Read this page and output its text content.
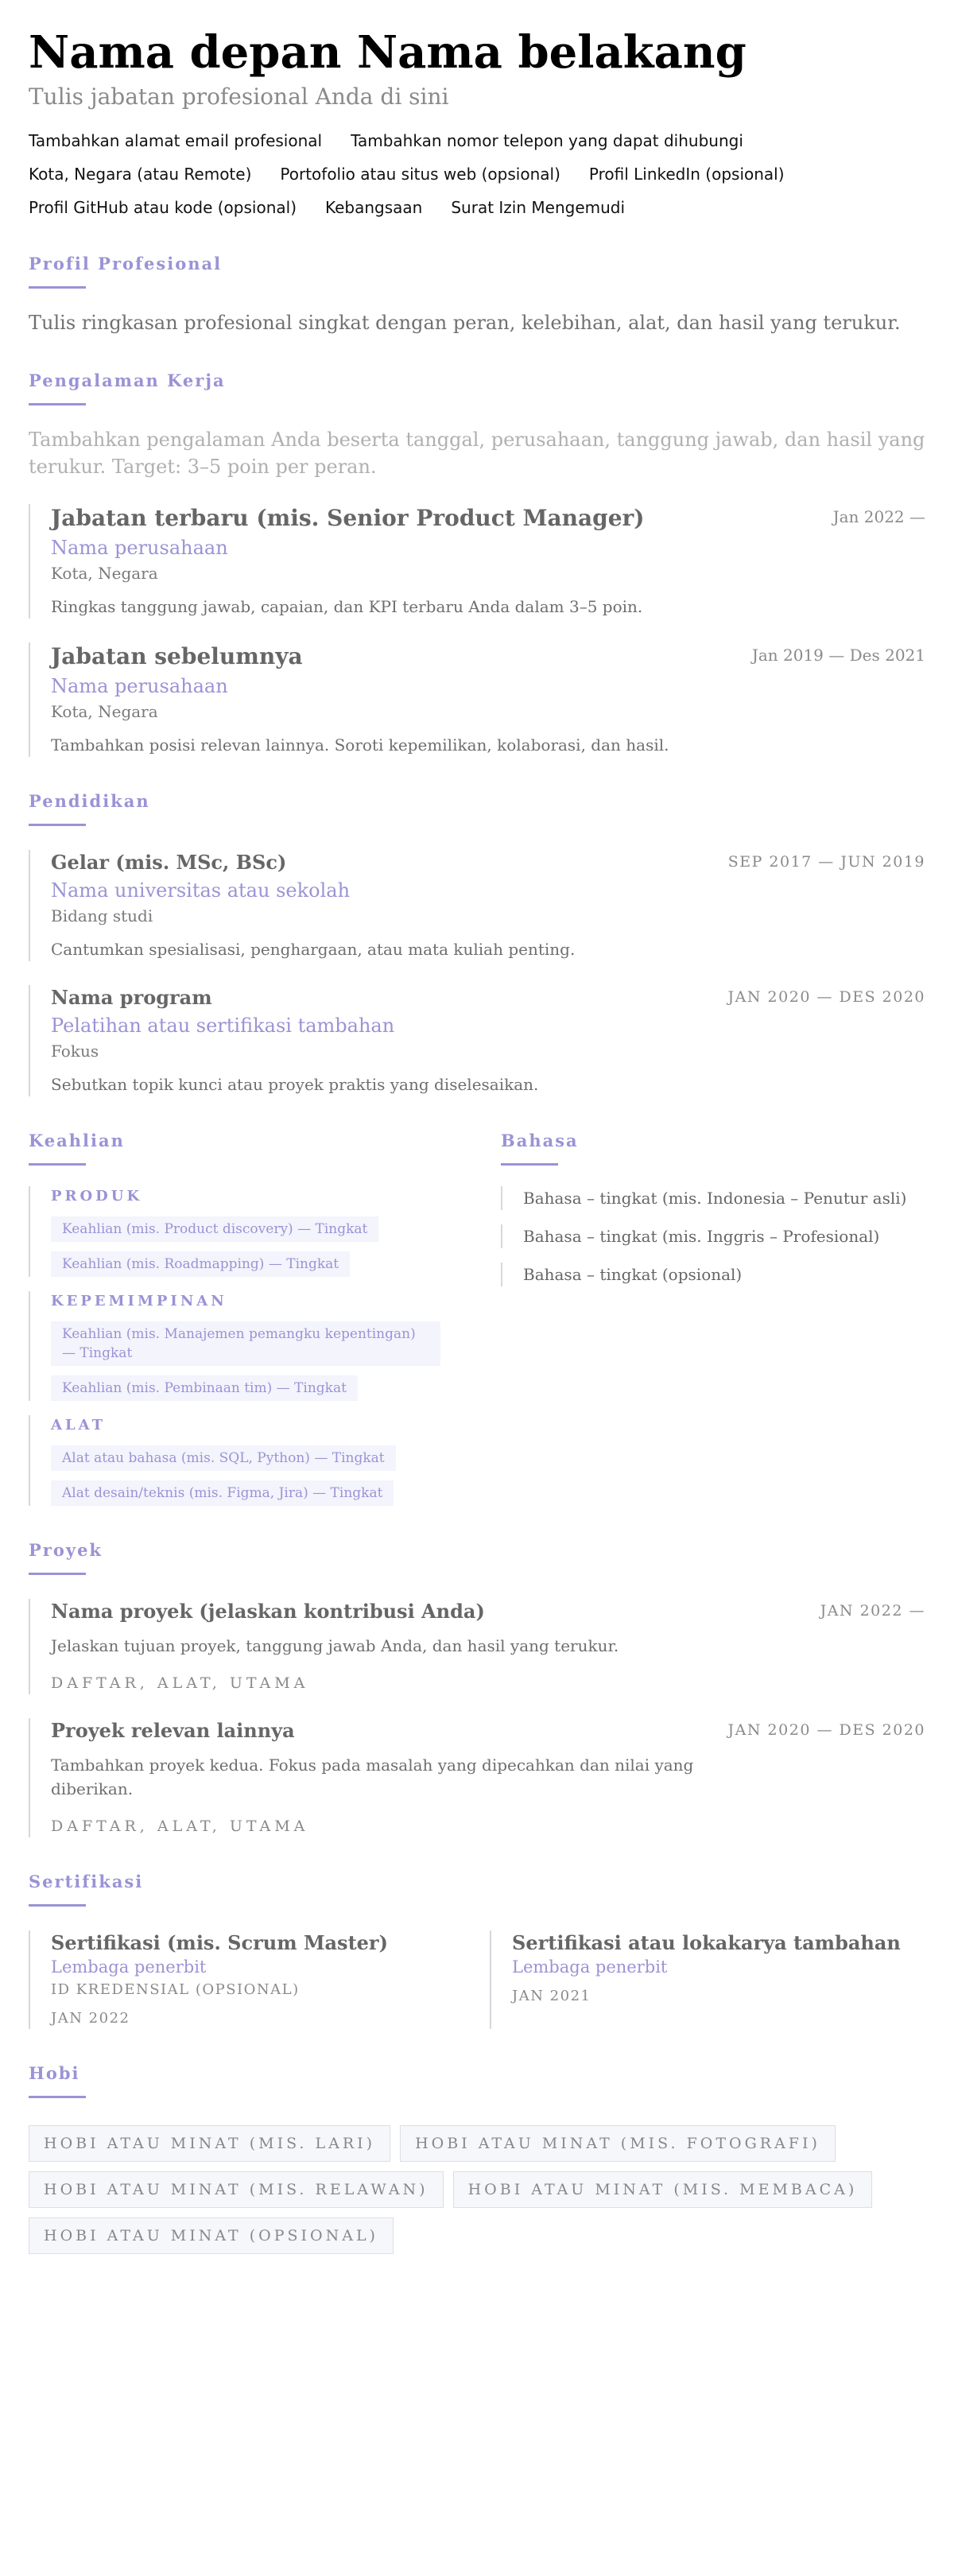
Nama depan Nama belakang
Tulis jabatan profesional Anda di sini
Tambahkan alamat email profesional Tambahkan nomor telepon yang dapat dihubungi
Kota, Negara (atau Remote) Portofolio atau situs web (opsional) Profil LinkedIn (opsional)
Profil GitHub atau kode (opsional) Kebangsaan Surat Izin Mengemudi
Profil Profesional

Tulis ringkasan profesional singkat dengan peran, kelebihan, alat, dan hasil yang terukur.

Pengalaman Kerja

Tambahkan pengalaman Anda beserta tanggal, perusahaan, tanggung jawab, dan hasil yang terukur. Target: 3–5 poin per peran.

Jabatan terbaru (mis. Senior Product Manager)	Jan 2022 —
Nama perusahaan
Kota, Negara
Ringkas tanggung jawab, capaian, dan KPI terbaru Anda dalam 3–5 poin.
Jabatan sebelumnya	Jan 2019 — Des 2021
Nama perusahaan
Kota, Negara
Tambahkan posisi relevan lainnya. Soroti kepemilikan, kolaborasi, dan hasil.
Pendidikan
Gelar (mis. MSc, BSc)	SEP 2017 — JUN 2019
Nama universitas atau sekolah
Bidang studi
Cantumkan spesialisasi, penghargaan, atau mata kuliah penting.
Nama program	JAN 2020 — DES 2020
Pelatihan atau sertifikasi tambahan
Fokus
Sebutkan topik kunci atau proyek praktis yang diselesaikan.
Keahlian
PRODUK
Keahlian (mis. Product discovery) — Tingkat
Keahlian (mis. Roadmapping) — Tingkat
KEPEMIMPINAN
Keahlian (mis. Manajemen pemangku kepentingan) — Tingkat
Keahlian (mis. Pembinaan tim) — Tingkat
ALAT
Alat atau bahasa (mis. SQL, Python) — Tingkat
Alat desain/teknis (mis. Figma, Jira) — Tingkat
Bahasa
Bahasa – tingkat (mis. Indonesia – Penutur asli)
Bahasa – tingkat (mis. Inggris – Profesional)
Bahasa – tingkat (opsional)
Proyek
Nama proyek (jelaskan kontribusi Anda)	JAN 2022 —
Jelaskan tujuan proyek, tanggung jawab Anda, dan hasil yang terukur.
DAFTAR, ALAT, UTAMA
Proyek relevan lainnya	JAN 2020 — DES 2020
Tambahkan proyek kedua. Fokus pada masalah yang dipecahkan dan nilai yang diberikan.
DAFTAR, ALAT, UTAMA
Sertifikasi
Sertifikasi (mis. Scrum Master)
Lembaga penerbit
ID KREDENSIAL (OPSIONAL)
JAN 2022
Sertifikasi atau lokakarya tambahan
Lembaga penerbit
JAN 2021
Hobi
HOBI ATAU MINAT (MIS. LARI)	HOBI ATAU MINAT (MIS. FOTOGRAFI)
HOBI ATAU MINAT (MIS. RELAWAN)	HOBI ATAU MINAT (MIS. MEMBACA)
HOBI ATAU MINAT (OPSIONAL)
